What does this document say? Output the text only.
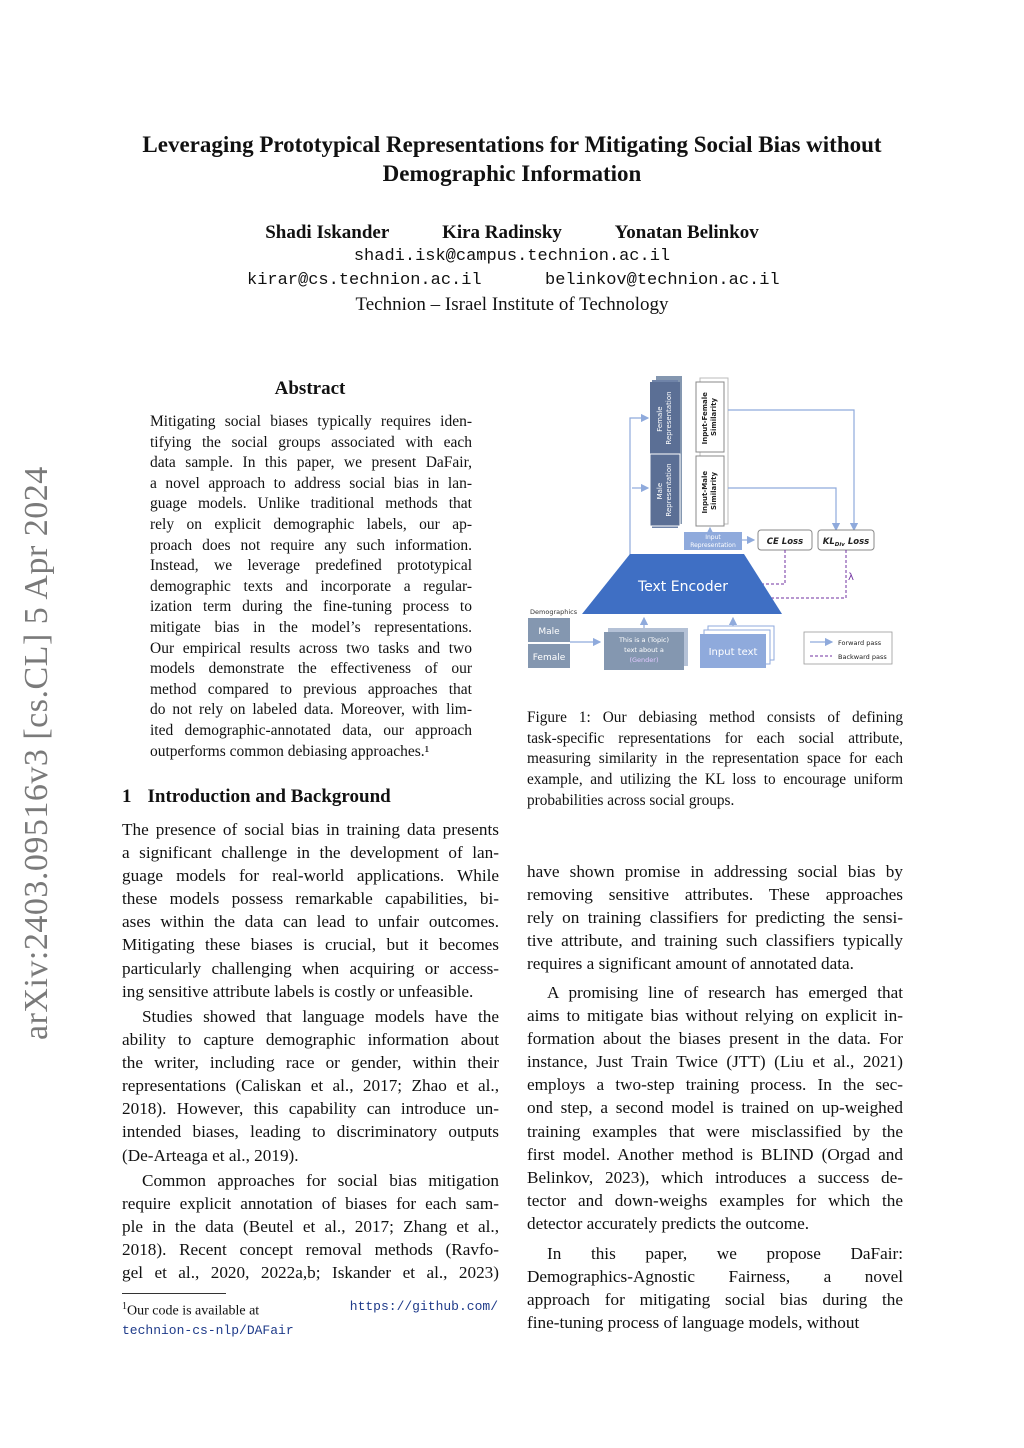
Leveraging Prototypical Representations for Mitigating Social Bias without
Demographic Information
Shadi Iskander	Kira Radinsky	Yonatan Belinkov
shadi.isk@campus.technion.ac.il
kirar@cs.technion.ac.il	belinkov@technion.ac.il
Technion – Israel Institute of Technology
arXiv:2403.09516v3 [cs.CL] 5 Apr 2024
Abstract
Mitigating social biases typically requires iden-
tifying the social groups associated with each
data sample. In this paper, we present DaFair,
a novel approach to address social bias in lan-
guage models. Unlike traditional methods that
rely on explicit demographic labels, our ap-
proach does not require any such information.
Instead, we leverage predefined prototypical
demographic texts and incorporate a regular-
ization term during the fine-tuning process to
mitigate bias in the model’s representations.
Our empirical results across two tasks and two
models demonstrate the effectiveness of our
method compared to previous approaches that
do not rely on labeled data. Moreover, with lim-
ited demographic-annotated data, our approach
outperforms common debiasing approaches.¹
1 Introduction and Background
The presence of social bias in training data presents
a significant challenge in the development of lan-
guage models for real-world applications. While
these models possess remarkable capabilities, bi-
ases within the data can lead to unfair outcomes.
Mitigating these biases is crucial, but it becomes
particularly challenging when acquiring or access-
ing sensitive attribute labels is costly or unfeasible.
Studies showed that language models have the
ability to capture demographic information about
the writer, including race or gender, within their
representations (Caliskan et al., 2017; Zhao et al.,
2018). However, this capability can introduce un-
intended biases, leading to discriminatory outputs
(De-Arteaga et al., 2019).
Common approaches for social bias mitigation
require explicit annotation of biases for each sam-
ple in the data (Beutel et al., 2017; Zhang et al.,
2018). Recent concept removal methods (Ravfo-
gel et al., 2020, 2022a,b; Iskander et al., 2023)
$^1$Our code is available at	https://github.com/
technion-cs-nlp/DAFair
Female Representation
Male Representation
Input-Female Similarity
Input-Male Similarity
Input
Representation	CE Loss $KL_{Div}$ Loss
λ
Text Encoder
Demographics
Male
Female
This is a (Topic)
text about a
(Gender)
Input text
Forward pass
Backward pass
Figure 1: Our debiasing method consists of defining
task-specific representations for each social attribute,
measuring similarity in the representation space for each
example, and utilizing the KL loss to encourage uniform
probabilities across social groups.
have shown promise in addressing social bias by
removing sensitive attributes. These approaches
rely on training classifiers for predicting the sensi-
tive attribute, and training such classifiers typically
requires a significant amount of annotated data.
A promising line of research has emerged that
aims to mitigate bias without relying on explicit in-
formation about the biases present in the data. For
instance, Just Train Twice (JTT) (Liu et al., 2021)
employs a two-step training process. In the sec-
ond step, a second model is trained on up-weighed
training examples that were misclassified by the
first model. Another method is BLIND (Orgad and
Belinkov, 2023), which introduces a success de-
tector and down-weighs examples for which the
detector accurately predicts the outcome.
In this paper, we propose DaFair:
Demographics-Agnostic Fairness, a novel
approach for mitigating social bias during the
fine-tuning process of language models, without
